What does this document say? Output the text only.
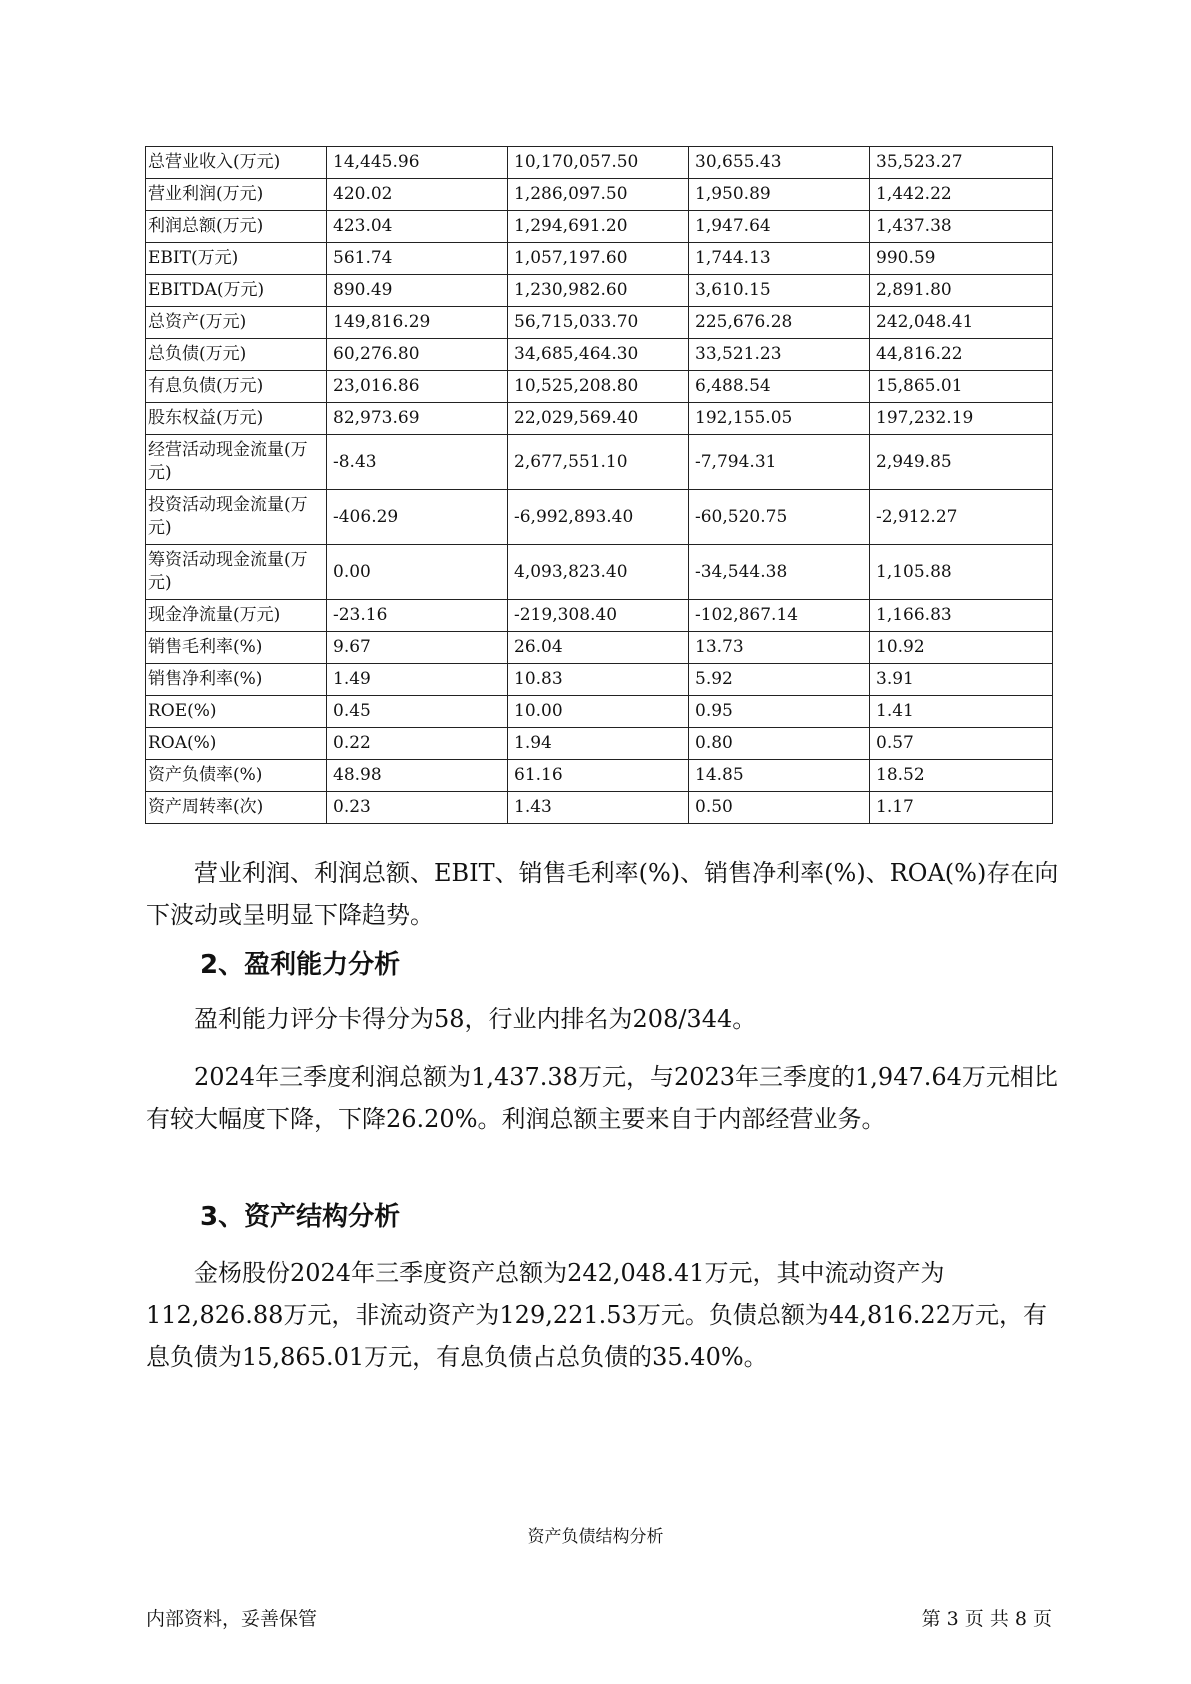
总营业收入(万元)	14,445.96	10,170,057.50	30,655.43	35,523.27
营业利润(万元)	420.02	1,286,097.50	1,950.89	1,442.22
利润总额(万元)	423.04	1,294,691.20	1,947.64	1,437.38
EBIT(万元)	561.74	1,057,197.60	1,744.13	990.59
EBITDA(万元)	890.49	1,230,982.60	3,610.15	2,891.80
总资产(万元)	149,816.29	56,715,033.70	225,676.28	242,048.41
总负债(万元)	60,276.80	34,685,464.30	33,521.23	44,816.22
有息负债(万元)	23,016.86	10,525,208.80	6,488.54	15,865.01
股东权益(万元)	82,973.69	22,029,569.40	192,155.05	197,232.19
经营活动现金流量(万元)	-8.43	2,677,551.10	-7,794.31	2,949.85
投资活动现金流量(万元)	-406.29	-6,992,893.40	-60,520.75	-2,912.27
筹资活动现金流量(万元)	0.00	4,093,823.40	-34,544.38	1,105.88
现金净流量(万元)	-23.16	-219,308.40	-102,867.14	1,166.83
销售毛利率(%)	9.67	26.04	13.73	10.92
销售净利率(%)	1.49	10.83	5.92	3.91
ROE(%)	0.45	10.00	0.95	1.41
ROA(%)	0.22	1.94	0.80	0.57
资产负债率(%)	48.98	61.16	14.85	18.52
资产周转率(次)	0.23	1.43	0.50	1.17

营业利润、利润总额、EBIT、销售毛利率(%)、销售净利率(%)、ROA(%)存在向下波动或呈明显下降趋势。

2、盈利能力分析

盈利能力评分卡得分为58，行业内排名为208/344。

2024年三季度利润总额为1,437.38万元，与2023年三季度的1,947.64万元相比有较大幅度下降，下降26.20%。利润总额主要来自于内部经营业务。

3、资产结构分析

金杨股份2024年三季度资产总额为242,048.41万元，其中流动资产为112,826.88万元，非流动资产为129,221.53万元。负债总额为44,816.22万元，有息负债为15,865.01万元，有息负债占总负债的35.40%。

资产负债结构分析
内部资料，妥善保管	第 3 页 共 8 页
